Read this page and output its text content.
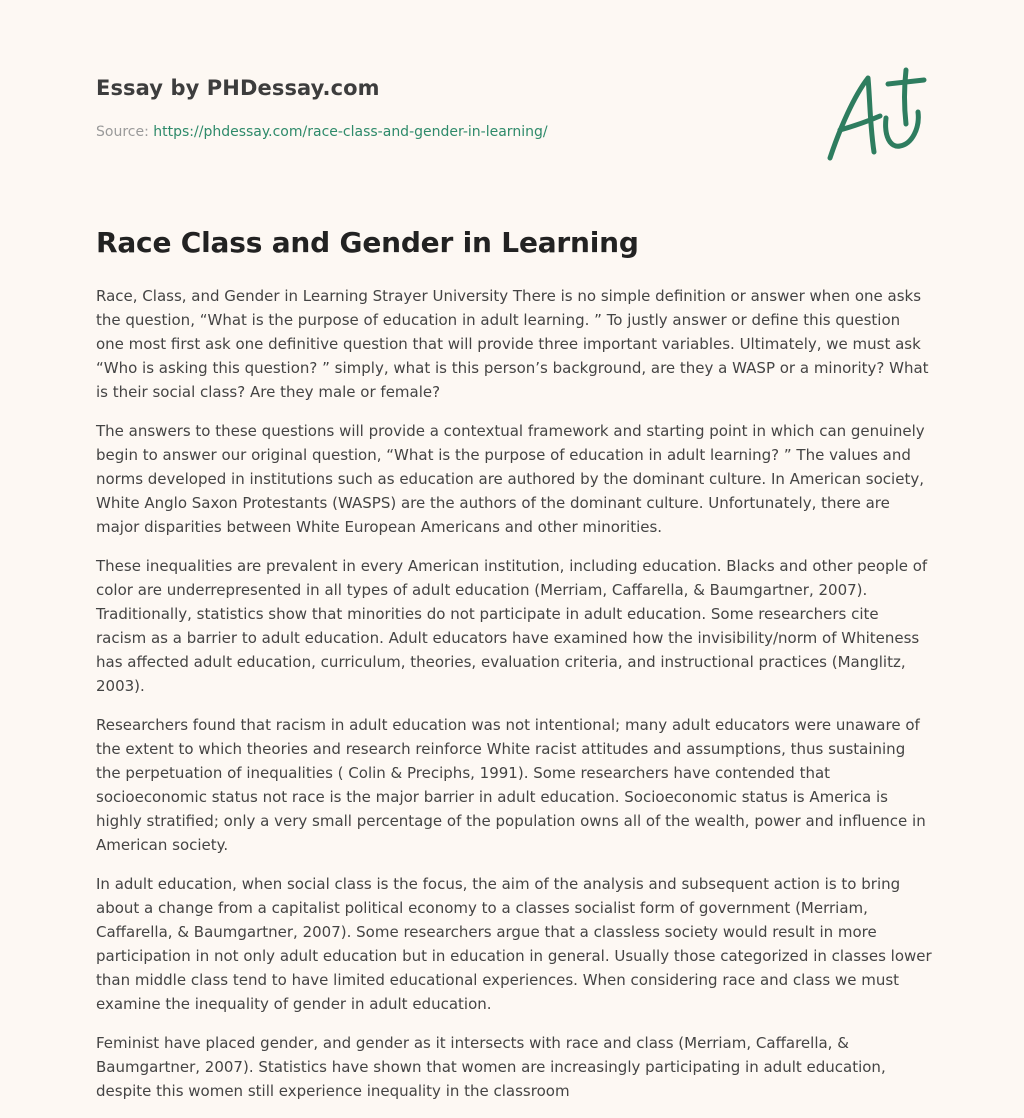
Essay by PHDessay.com
Source: https://phdessay.com/race-class-and-gender-in-learning/
Race Class and Gender in Learning

Race, Class, and Gender in Learning Strayer University There is no simple definition or answer when one asks the question, “What is the purpose of education in adult learning. ” To justly answer or define this question one most first ask one definitive question that will provide three important variables. Ultimately, we must ask “Who is asking this question? ” simply, what is this person’s background, are they a WASP or a minority? What is their social class? Are they male or female?

The answers to these questions will provide a contextual framework and starting point in which can genuinely begin to answer our original question, “What is the purpose of education in adult learning? ” The values and norms developed in institutions such as education are authored by the dominant culture. In American society, White Anglo Saxon Protestants (WASPS) are the authors of the dominant culture. Unfortunately, there are major disparities between White European Americans and other minorities.

These inequalities are prevalent in every American institution, including education. Blacks and other people of color are underrepresented in all types of adult education (Merriam, Caffarella, & Baumgartner, 2007). Traditionally, statistics show that minorities do not participate in adult education. Some researchers cite racism as a barrier to adult education. Adult educators have examined how the invisibility/norm of Whiteness has affected adult education, curriculum, theories, evaluation criteria, and instructional practices (Manglitz, 2003).

Researchers found that racism in adult education was not intentional; many adult educators were unaware of the extent to which theories and research reinforce White racist attitudes and assumptions, thus sustaining the perpetuation of inequalities ( Colin & Preciphs, 1991). Some researchers have contended that socioeconomic status not race is the major barrier in adult education. Socioeconomic status is America is highly stratified; only a very small percentage of the population owns all of the wealth, power and influence in American society.

In adult education, when social class is the focus, the aim of the analysis and subsequent action is to bring about a change from a capitalist political economy to a classes socialist form of government (Merriam, Caffarella, & Baumgartner, 2007). Some researchers argue that a classless society would result in more participation in not only adult education but in education in general. Usually those categorized in classes lower than middle class tend to have limited educational experiences. When considering race and class we must examine the inequality of gender in adult education.

Feminist have placed gender, and gender as it intersects with race and class (Merriam, Caffarella, & Baumgartner, 2007). Statistics have shown that women are increasingly participating in adult education, despite this women still experience inequality in the classroom
